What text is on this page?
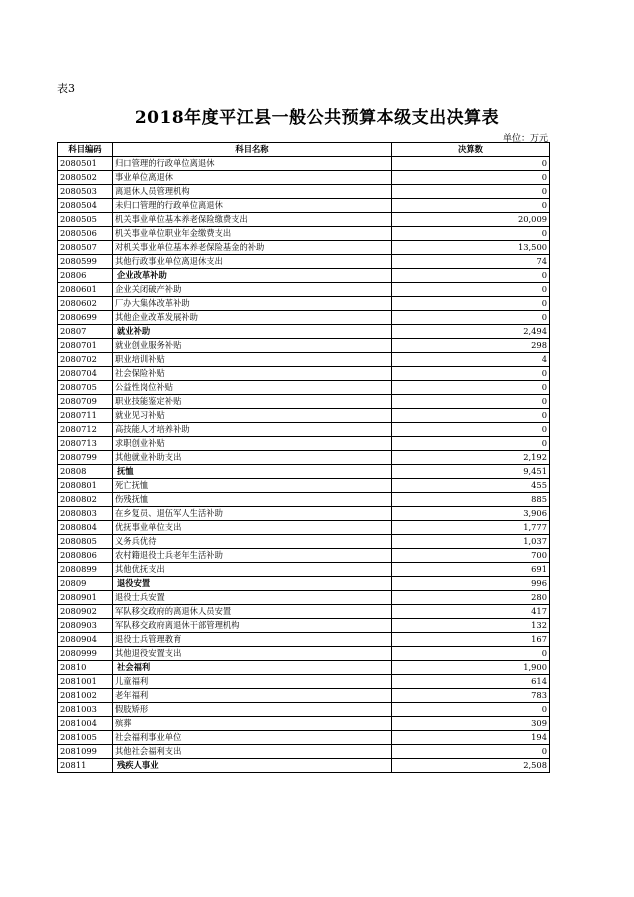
表3
2018年度平江县一般公共预算本级支出决算表
单位：万元
科目编码	科目名称	决算数
2080501	归口管理的行政单位离退休	0
2080502	事业单位离退休	0
2080503	离退休人员管理机构	0
2080504	未归口管理的行政单位离退休	0
2080505	机关事业单位基本养老保险缴费支出	20,009
2080506	机关事业单位职业年金缴费支出	0
2080507	对机关事业单位基本养老保险基金的补助	13,500
2080599	其他行政事业单位离退休支出	74
20806	企业改革补助	0
2080601	企业关闭破产补助	0
2080602	厂办大集体改革补助	0
2080699	其他企业改革发展补助	0
20807	就业补助	2,494
2080701	就业创业服务补贴	298
2080702	职业培训补贴	4
2080704	社会保险补贴	0
2080705	公益性岗位补贴	0
2080709	职业技能鉴定补贴	0
2080711	就业见习补贴	0
2080712	高技能人才培养补助	0
2080713	求职创业补贴	0
2080799	其他就业补助支出	2,192
20808	抚恤	9,451
2080801	死亡抚恤	455
2080802	伤残抚恤	885
2080803	在乡复员、退伍军人生活补助	3,906
2080804	优抚事业单位支出	1,777
2080805	义务兵优待	1,037
2080806	农村籍退役士兵老年生活补助	700
2080899	其他优抚支出	691
20809	退役安置	996
2080901	退役士兵安置	280
2080902	军队移交政府的离退休人员安置	417
2080903	军队移交政府离退休干部管理机构	132
2080904	退役士兵管理教育	167
2080999	其他退役安置支出	0
20810	社会福利	1,900
2081001	儿童福利	614
2081002	老年福利	783
2081003	假肢矫形	0
2081004	殡葬	309
2081005	社会福利事业单位	194
2081099	其他社会福利支出	0
20811	残疾人事业	2,508
